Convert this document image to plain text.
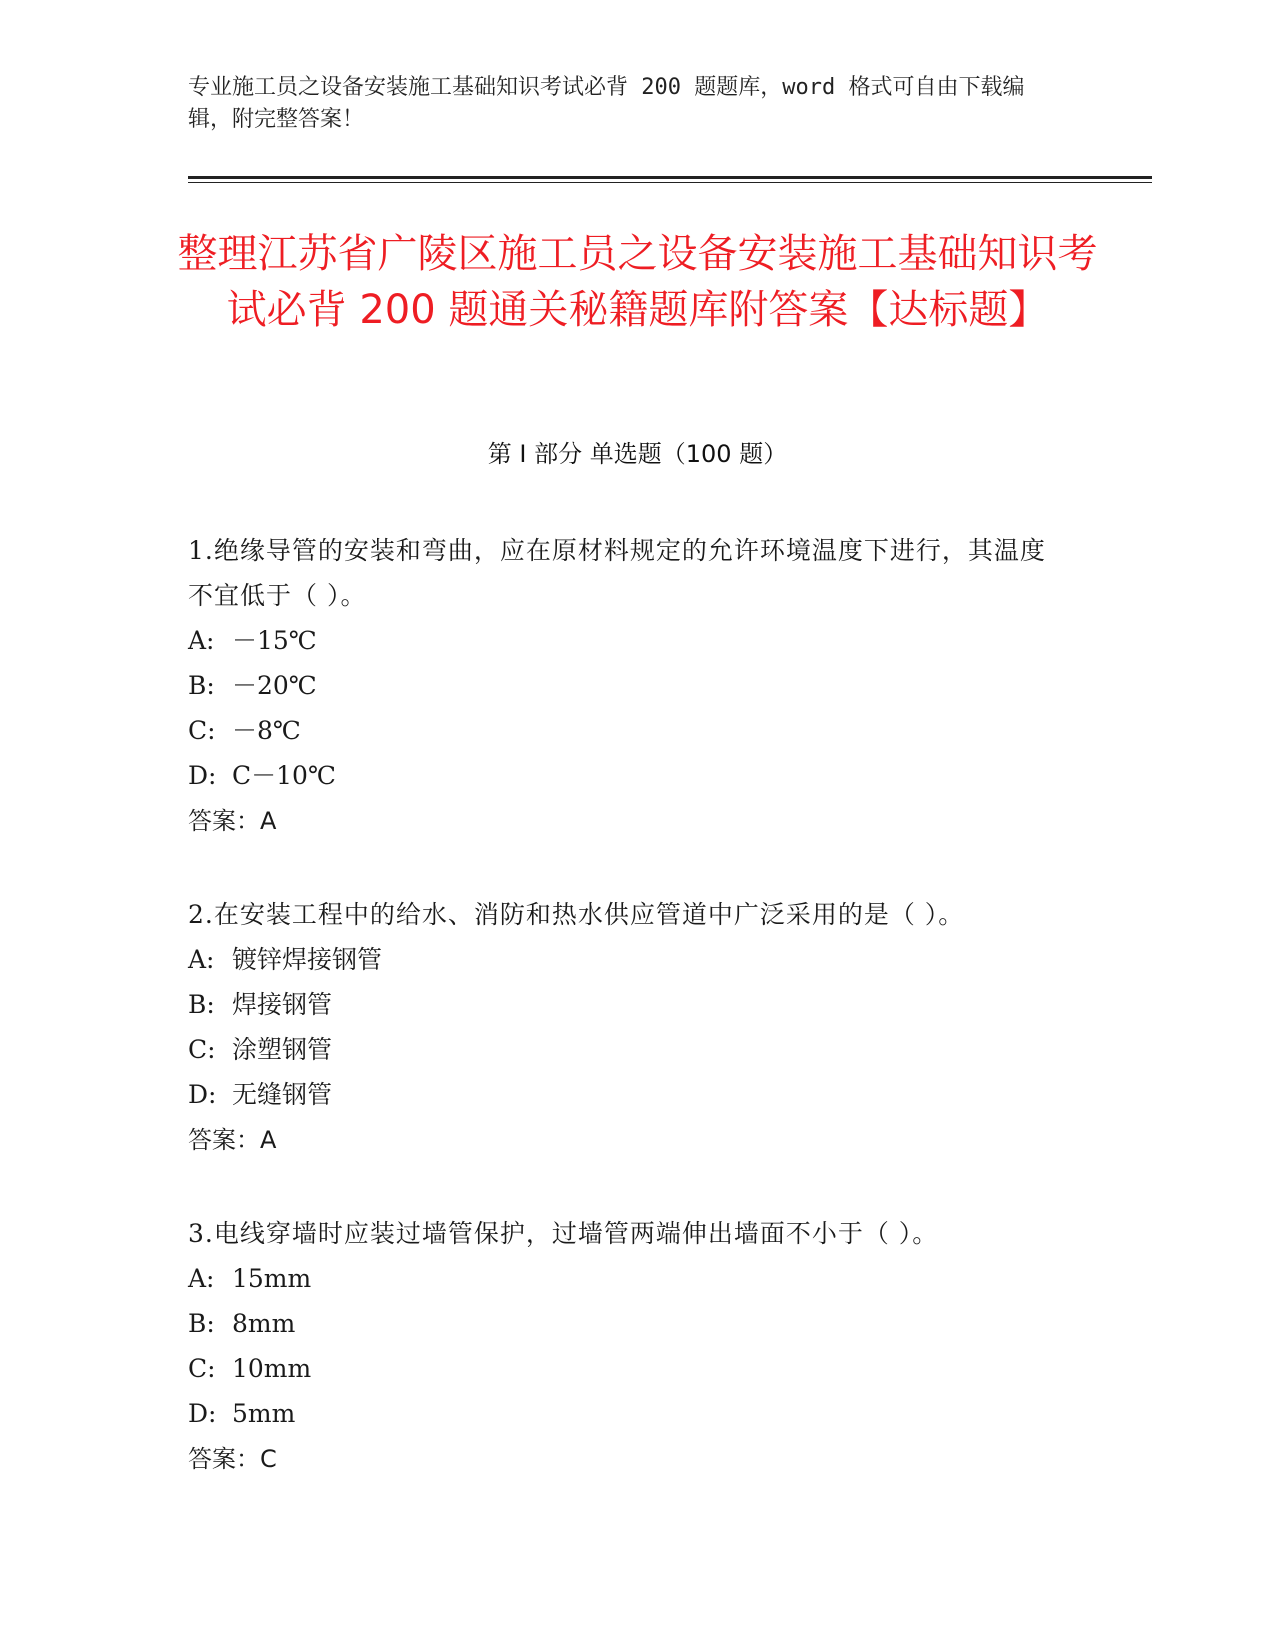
专业施工员之设备安装施工基础知识考试必背 200 题题库，word 格式可自由下载编辑，附完整答案！
整理江苏省广陵区施工员之设备安装施工基础知识考试必背 200 题通关秘籍题库附答案【达标题】
第 I 部分 单选题（100 题）
1.绝缘导管的安装和弯曲，应在原材料规定的允许环境温度下进行，其温度不宜低于（ ）。
A: －15℃
B: －20℃
C: －8℃
D: C－10℃
答案：A
2.在安装工程中的给水、消防和热水供应管道中广泛采用的是（ ）。
A: 镀锌焊接钢管
B: 焊接钢管
C: 涂塑钢管
D: 无缝钢管
答案：A
3.电线穿墙时应装过墙管保护，过墙管两端伸出墙面不小于（ ）。
A: 15mm
B: 8mm
C: 10mm
D: 5mm
答案：C
